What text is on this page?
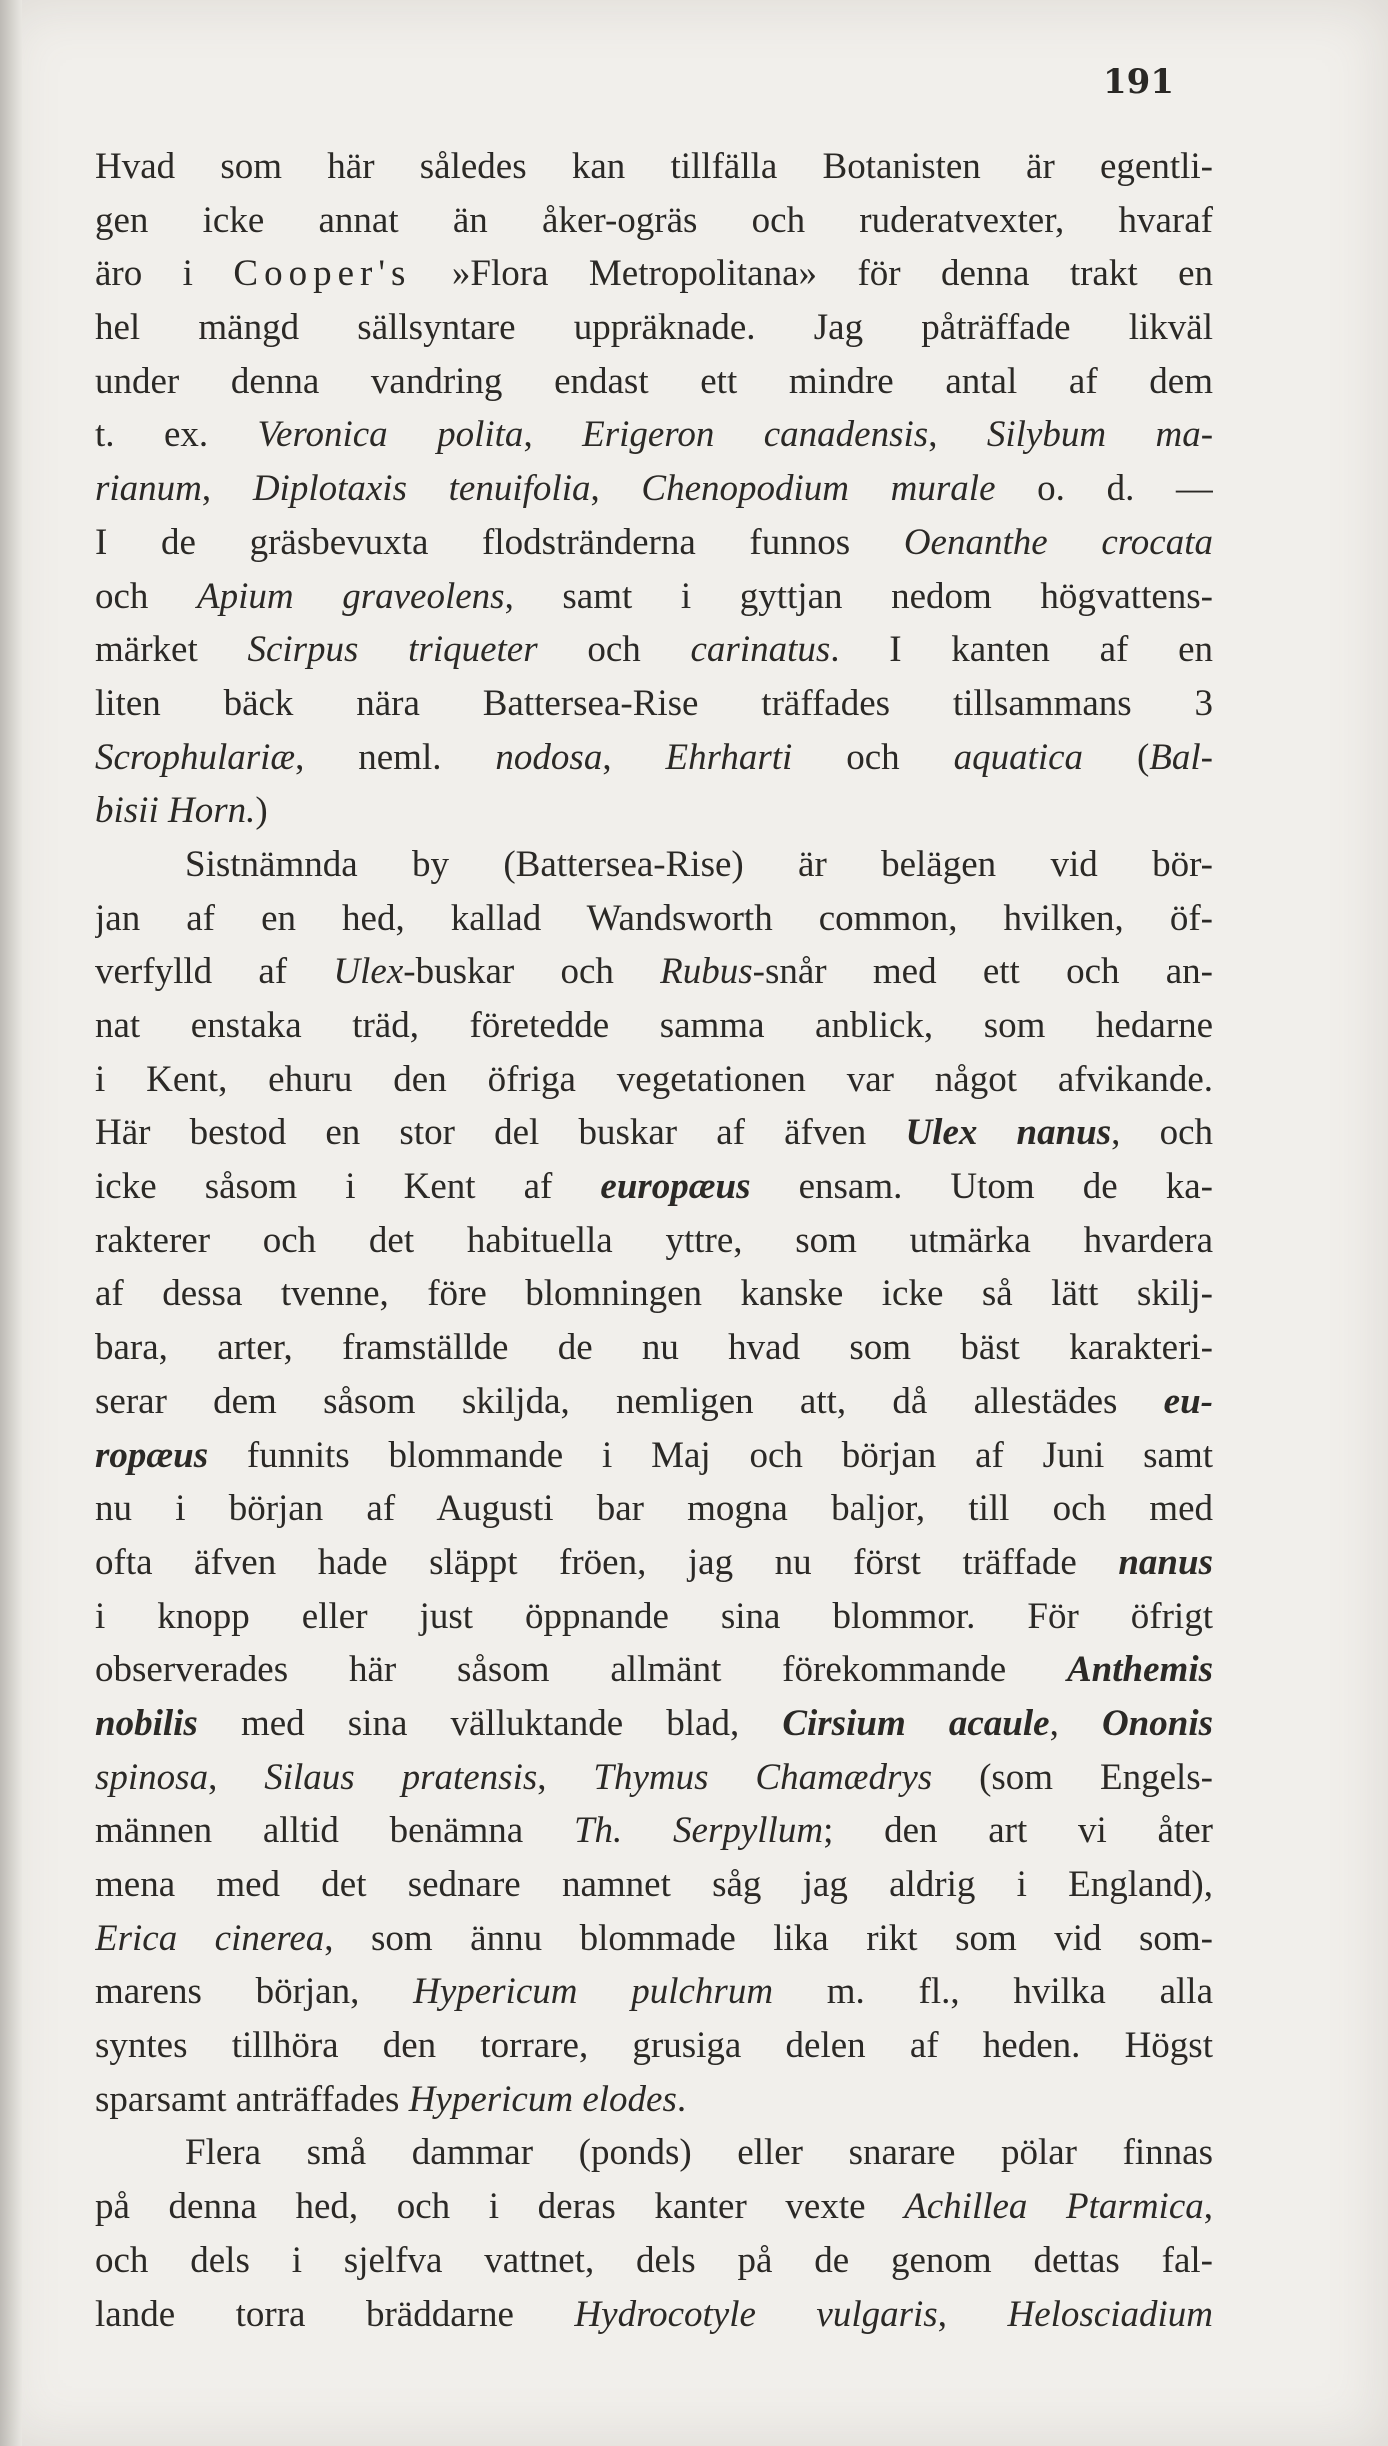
191

Hvad som här således kan tillfälla Botanisten är egentli-
gen icke annat än åker-ogräs och ruderatvexter, hvaraf
äro i Cooper's »Flora Metropolitana» för denna trakt en
hel mängd sällsyntare uppräknade. Jag påträffade likväl
under denna vandring endast ett mindre antal af dem
t. ex. Veronica polita, Erigeron canadensis, Silybum ma-
rianum, Diplotaxis tenuifolia, Chenopodium murale o. d. —
I de gräsbevuxta flodstränderna funnos Oenanthe crocata
och Apium graveolens, samt i gyttjan nedom högvattens-
märket Scirpus triqueter och carinatus. I kanten af en
liten bäck nära Battersea-Rise träffades tillsammans 3
Scrophulariæ, neml. nodosa, Ehrharti och aquatica (Bal-
bisii Horn.)
Sistnämnda by (Battersea-Rise) är belägen vid bör-
jan af en hed, kallad Wandsworth common, hvilken, öf-
verfylld af Ulex-buskar och Rubus-snår med ett och an-
nat enstaka träd, företedde samma anblick, som hedarne
i Kent, ehuru den öfriga vegetationen var något afvikande.
Här bestod en stor del buskar af äfven Ulex nanus, och
icke såsom i Kent af europæus ensam. Utom de ka-
rakterer och det habituella yttre, som utmärka hvardera
af dessa tvenne, före blomningen kanske icke så lätt skilj-
bara, arter, framställde de nu hvad som bäst karakteri-
serar dem såsom skiljda, nemligen att, då allestädes eu-
ropæus funnits blommande i Maj och början af Juni samt
nu i början af Augusti bar mogna baljor, till och med
ofta äfven hade släppt fröen, jag nu först träffade nanus
i knopp eller just öppnande sina blommor. För öfrigt
observerades här såsom allmänt förekommande Anthemis
nobilis med sina välluktande blad, Cirsium acaule, Ononis
spinosa, Silaus pratensis, Thymus Chamædrys (som Engels-
männen alltid benämna Th. Serpyllum; den art vi åter
mena med det sednare namnet såg jag aldrig i England),
Erica cinerea, som ännu blommade lika rikt som vid som-
marens början, Hypericum pulchrum m. fl., hvilka alla
syntes tillhöra den torrare, grusiga delen af heden. Högst
sparsamt anträffades Hypericum elodes.
Flera små dammar (ponds) eller snarare pölar finnas
på denna hed, och i deras kanter vexte Achillea Ptarmica,
och dels i sjelfva vattnet, dels på de genom dettas fal-
lande torra bräddarne Hydrocotyle vulgaris, Helosciadium
